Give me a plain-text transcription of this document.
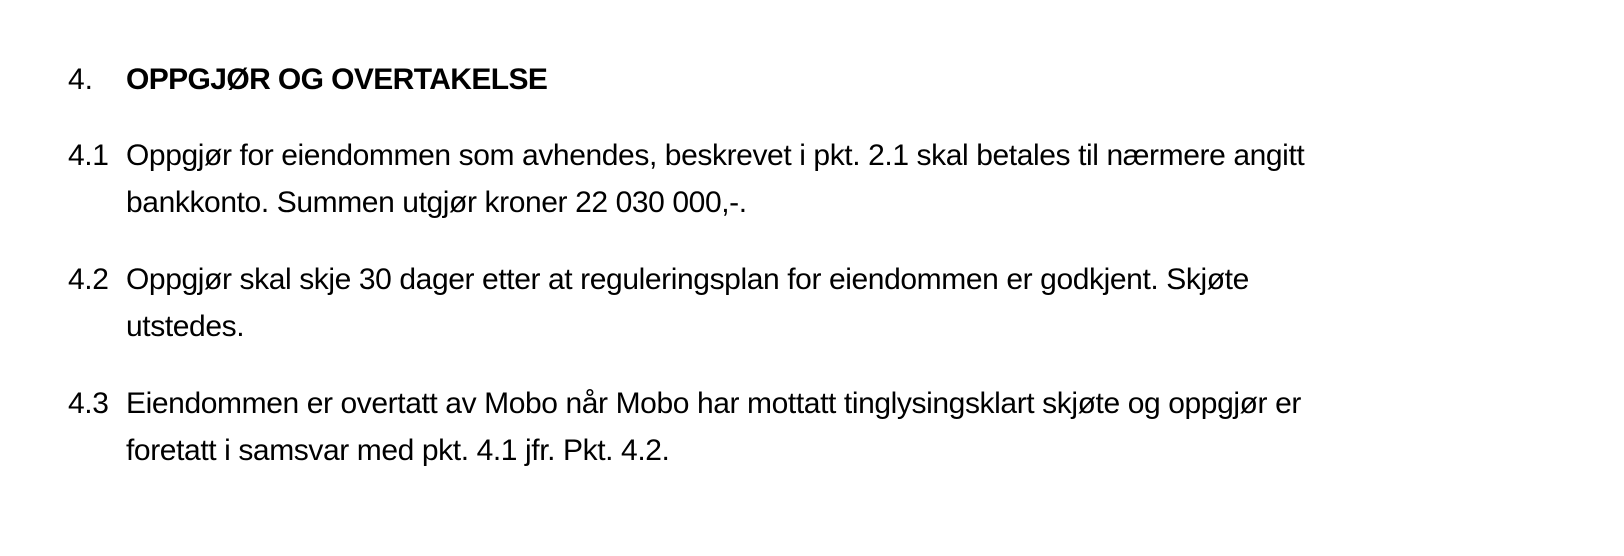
4.	OPPGJØR OG OVERTAKELSE
4.1 Oppgjør for eiendommen som avhendes, beskrevet i pkt. 2.1 skal betales til nærmere angitt
bankkonto. Summen utgjør kroner 22 030 000,-.
4.2 Oppgjør skal skje 30 dager etter at reguleringsplan for eiendommen er godkjent. Skjøte
utstedes.
4.3 Eiendommen er overtatt av Mobo når Mobo har mottatt tinglysingsklart skjøte og oppgjør er
foretatt i samsvar med pkt. 4.1 jfr. Pkt. 4.2.
